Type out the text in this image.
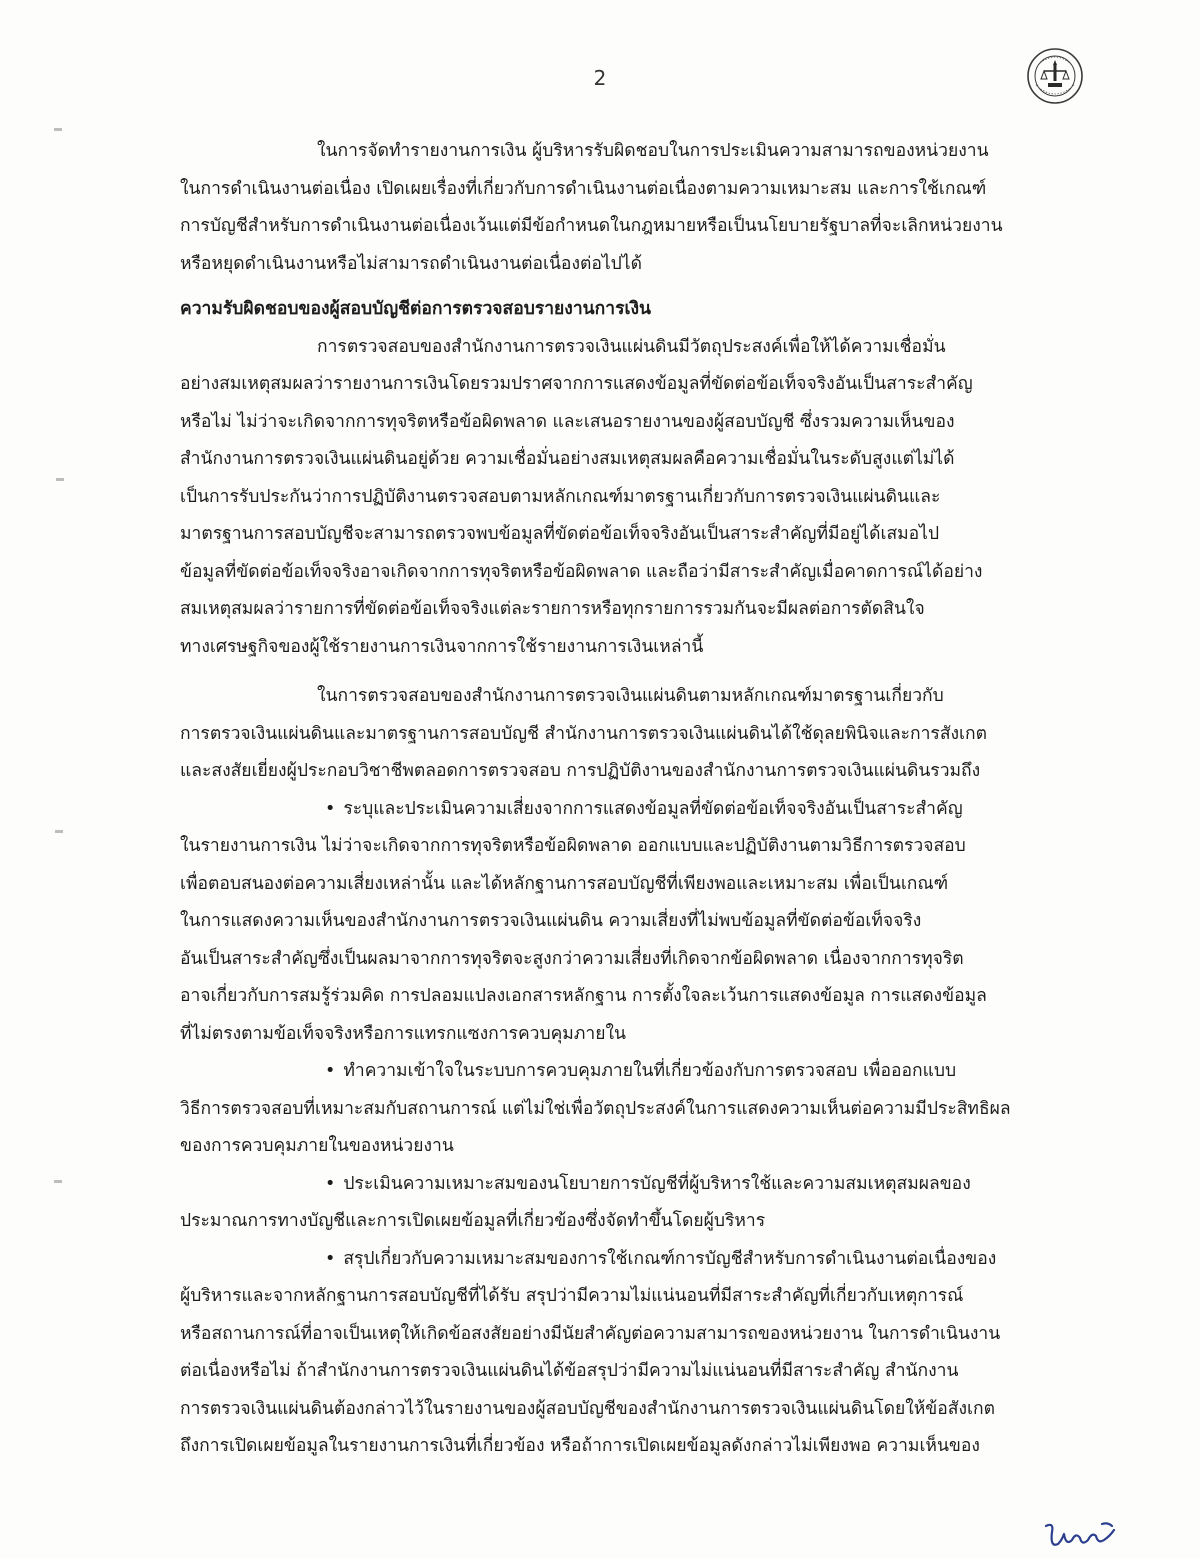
2

ในการจัดทำรายงานการเงิน ผู้บริหารรับผิดชอบในการประเมินความสามารถของหน่วยงาน
ในการดำเนินงานต่อเนื่อง เปิดเผยเรื่องที่เกี่ยวกับการดำเนินงานต่อเนื่องตามความเหมาะสม และการใช้เกณฑ์
การบัญชีสำหรับการดำเนินงานต่อเนื่องเว้นแต่มีข้อกำหนดในกฎหมายหรือเป็นนโยบายรัฐบาลที่จะเลิกหน่วยงาน
หรือหยุดดำเนินงานหรือไม่สามารถดำเนินงานต่อเนื่องต่อไปได้

ความรับผิดชอบของผู้สอบบัญชีต่อการตรวจสอบรายงานการเงิน

การตรวจสอบของสำนักงานการตรวจเงินแผ่นดินมีวัตถุประสงค์เพื่อให้ได้ความเชื่อมั่น
อย่างสมเหตุสมผลว่ารายงานการเงินโดยรวมปราศจากการแสดงข้อมูลที่ขัดต่อข้อเท็จจริงอันเป็นสาระสำคัญ
หรือไม่ ไม่ว่าจะเกิดจากการทุจริตหรือข้อผิดพลาด และเสนอรายงานของผู้สอบบัญชี ซึ่งรวมความเห็นของ
สำนักงานการตรวจเงินแผ่นดินอยู่ด้วย ความเชื่อมั่นอย่างสมเหตุสมผลคือความเชื่อมั่นในระดับสูงแต่ไม่ได้
เป็นการรับประกันว่าการปฏิบัติงานตรวจสอบตามหลักเกณฑ์มาตรฐานเกี่ยวกับการตรวจเงินแผ่นดินและ
มาตรฐานการสอบบัญชีจะสามารถตรวจพบข้อมูลที่ขัดต่อข้อเท็จจริงอันเป็นสาระสำคัญที่มีอยู่ได้เสมอไป
ข้อมูลที่ขัดต่อข้อเท็จจริงอาจเกิดจากการทุจริตหรือข้อผิดพลาด และถือว่ามีสาระสำคัญเมื่อคาดการณ์ได้อย่าง
สมเหตุสมผลว่ารายการที่ขัดต่อข้อเท็จจริงแต่ละรายการหรือทุกรายการรวมกันจะมีผลต่อการตัดสินใจ
ทางเศรษฐกิจของผู้ใช้รายงานการเงินจากการใช้รายงานการเงินเหล่านี้

ในการตรวจสอบของสำนักงานการตรวจเงินแผ่นดินตามหลักเกณฑ์มาตรฐานเกี่ยวกับ
การตรวจเงินแผ่นดินและมาตรฐานการสอบบัญชี สำนักงานการตรวจเงินแผ่นดินได้ใช้ดุลยพินิจและการสังเกต
และสงสัยเยี่ยงผู้ประกอบวิชาชีพตลอดการตรวจสอบ การปฏิบัติงานของสำนักงานการตรวจเงินแผ่นดินรวมถึง

• ระบุและประเมินความเสี่ยงจากการแสดงข้อมูลที่ขัดต่อข้อเท็จจริงอันเป็นสาระสำคัญ
ในรายงานการเงิน ไม่ว่าจะเกิดจากการทุจริตหรือข้อผิดพลาด ออกแบบและปฏิบัติงานตามวิธีการตรวจสอบ
เพื่อตอบสนองต่อความเสี่ยงเหล่านั้น และได้หลักฐานการสอบบัญชีที่เพียงพอและเหมาะสม เพื่อเป็นเกณฑ์
ในการแสดงความเห็นของสำนักงานการตรวจเงินแผ่นดิน ความเสี่ยงที่ไม่พบข้อมูลที่ขัดต่อข้อเท็จจริง
อันเป็นสาระสำคัญซึ่งเป็นผลมาจากการทุจริตจะสูงกว่าความเสี่ยงที่เกิดจากข้อผิดพลาด เนื่องจากการทุจริต
อาจเกี่ยวกับการสมรู้ร่วมคิด การปลอมแปลงเอกสารหลักฐาน การตั้งใจละเว้นการแสดงข้อมูล การแสดงข้อมูล
ที่ไม่ตรงตามข้อเท็จจริงหรือการแทรกแซงการควบคุมภายใน

• ทำความเข้าใจในระบบการควบคุมภายในที่เกี่ยวข้องกับการตรวจสอบ เพื่อออกแบบ
วิธีการตรวจสอบที่เหมาะสมกับสถานการณ์ แต่ไม่ใช่เพื่อวัตถุประสงค์ในการแสดงความเห็นต่อความมีประสิทธิผล
ของการควบคุมภายในของหน่วยงาน

• ประเมินความเหมาะสมของนโยบายการบัญชีที่ผู้บริหารใช้และความสมเหตุสมผลของ
ประมาณการทางบัญชีและการเปิดเผยข้อมูลที่เกี่ยวข้องซึ่งจัดทำขึ้นโดยผู้บริหาร

• สรุปเกี่ยวกับความเหมาะสมของการใช้เกณฑ์การบัญชีสำหรับการดำเนินงานต่อเนื่องของ
ผู้บริหารและจากหลักฐานการสอบบัญชีที่ได้รับ สรุปว่ามีความไม่แน่นอนที่มีสาระสำคัญที่เกี่ยวกับเหตุการณ์
หรือสถานการณ์ที่อาจเป็นเหตุให้เกิดข้อสงสัยอย่างมีนัยสำคัญต่อความสามารถของหน่วยงาน ในการดำเนินงาน
ต่อเนื่องหรือไม่ ถ้าสำนักงานการตรวจเงินแผ่นดินได้ข้อสรุปว่ามีความไม่แน่นอนที่มีสาระสำคัญ สำนักงาน
การตรวจเงินแผ่นดินต้องกล่าวไว้ในรายงานของผู้สอบบัญชีของสำนักงานการตรวจเงินแผ่นดินโดยให้ข้อสังเกต
ถึงการเปิดเผยข้อมูลในรายงานการเงินที่เกี่ยวข้อง หรือถ้าการเปิดเผยข้อมูลดังกล่าวไม่เพียงพอ ความเห็นของ
